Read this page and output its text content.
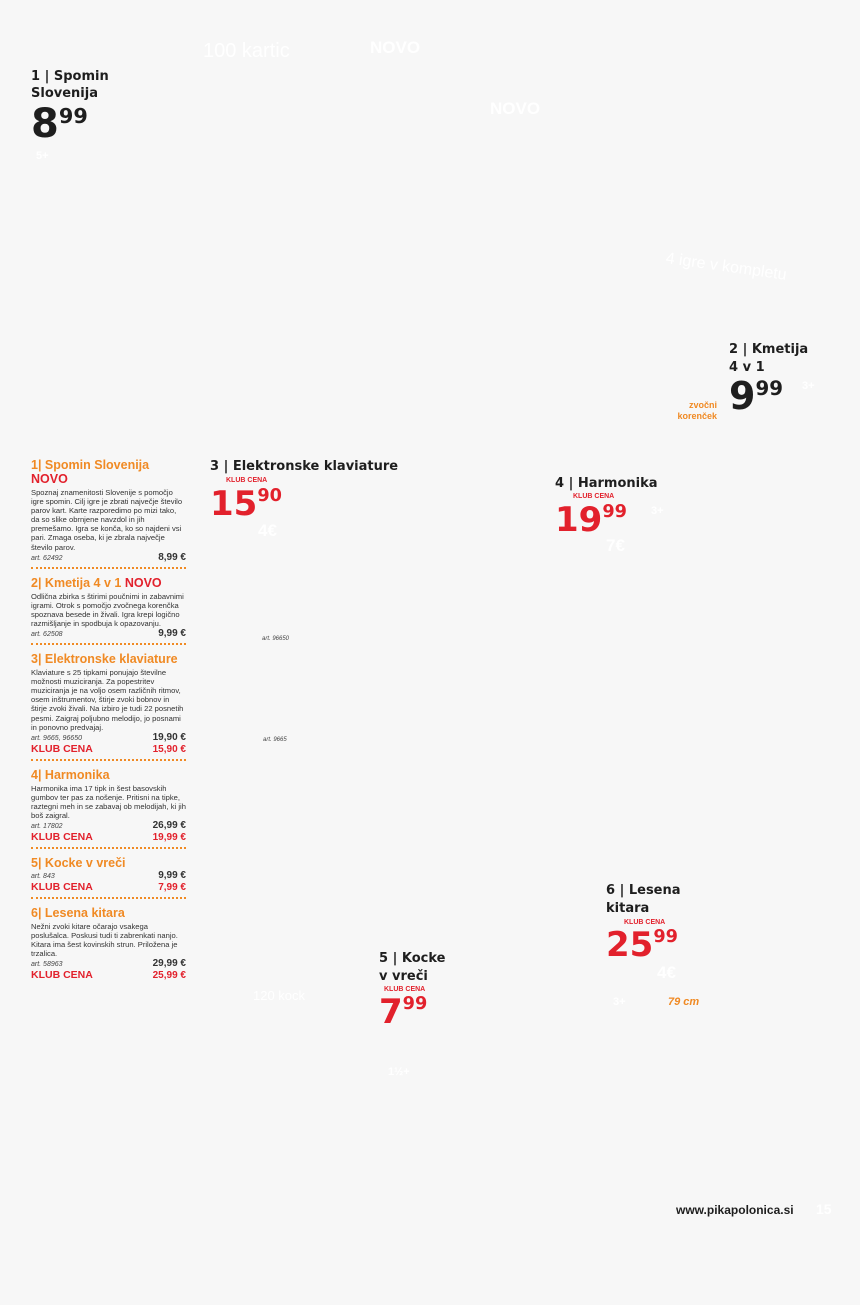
100 kartic	NOVO
NOVO
5+
4 igre v kompletu
3+
3+
3+
120 kock
1½+
1 | Spomin
Slovenija
$8^{99}$
2 | Kmetija
4 v 1
$9^{99}$
zvočni
korenček
3 | Elektronske klaviature
KLUB CENA
$15^{90}$
4€
art. 96650
art. 9665
4 | Harmonika
KLUB CENA
$19^{99}$
7€
5 | Kocke
v vreči
KLUB CENA
$7^{99}$
6 | Lesena
kitara
KLUB CENA
$25^{99}$
4€
79 cm
1| Spomin Slovenija
NOVO
Spoznaj znamenitosti Slovenije s pomočjo igre spomin. Cilj igre je zbrati največje število parov kart. Karte razporedimo po mizi tako, da so slike obrnjene navzdol in jih premešamo. Igra se konča, ko so najdeni vsi pari. Zmaga oseba, ki je zbrala največje število parov.
art. 62492	8,99 €
2| Kmetija 4 v 1 NOVO
Odlična zbirka s štirimi poučnimi in zabavnimi igrami. Otrok s pomočjo zvočnega korenčka spoznava besede in živali. Igra krepi logično razmišljanje in spodbuja k opazovanju.
art. 62508	9,99 €
3| Elektronske klaviature
Klaviature s 25 tipkami ponujajo številne možnosti muziciranja. Za popestritev muziciranja je na voljo osem različnih ritmov, osem inštrumentov, štirje zvoki bobnov in štirje zvoki živali. Na izbiro je tudi 22 posnetih pesmi. Zaigraj poljubno melodijo, jo posnami in ponovno predvajaj.
art. 9665, 96650	19,90 €
KLUB CENA	15,90 €
4| Harmonika
Harmonika ima 17 tipk in šest basovskih gumbov ter pas za nošenje. Pritisni na tipke, raztegni meh in se zabavaj ob melodijah, ki jih boš zaigral.
art. 17802	26,99 €
KLUB CENA	19,99 €
5| Kocke v vreči
art. 843	9,99 €
KLUB CENA	7,99 €
6| Lesena kitara
Nežni zvoki kitare očarajo vsakega poslušalca. Poskusi tudi ti zabrenkati nanjo. Kitara ima šest kovinskih strun. Priložena je trzalica.
art. 58963	29,99 €
KLUB CENA	25,99 €
www.pikapolonica.si 15
